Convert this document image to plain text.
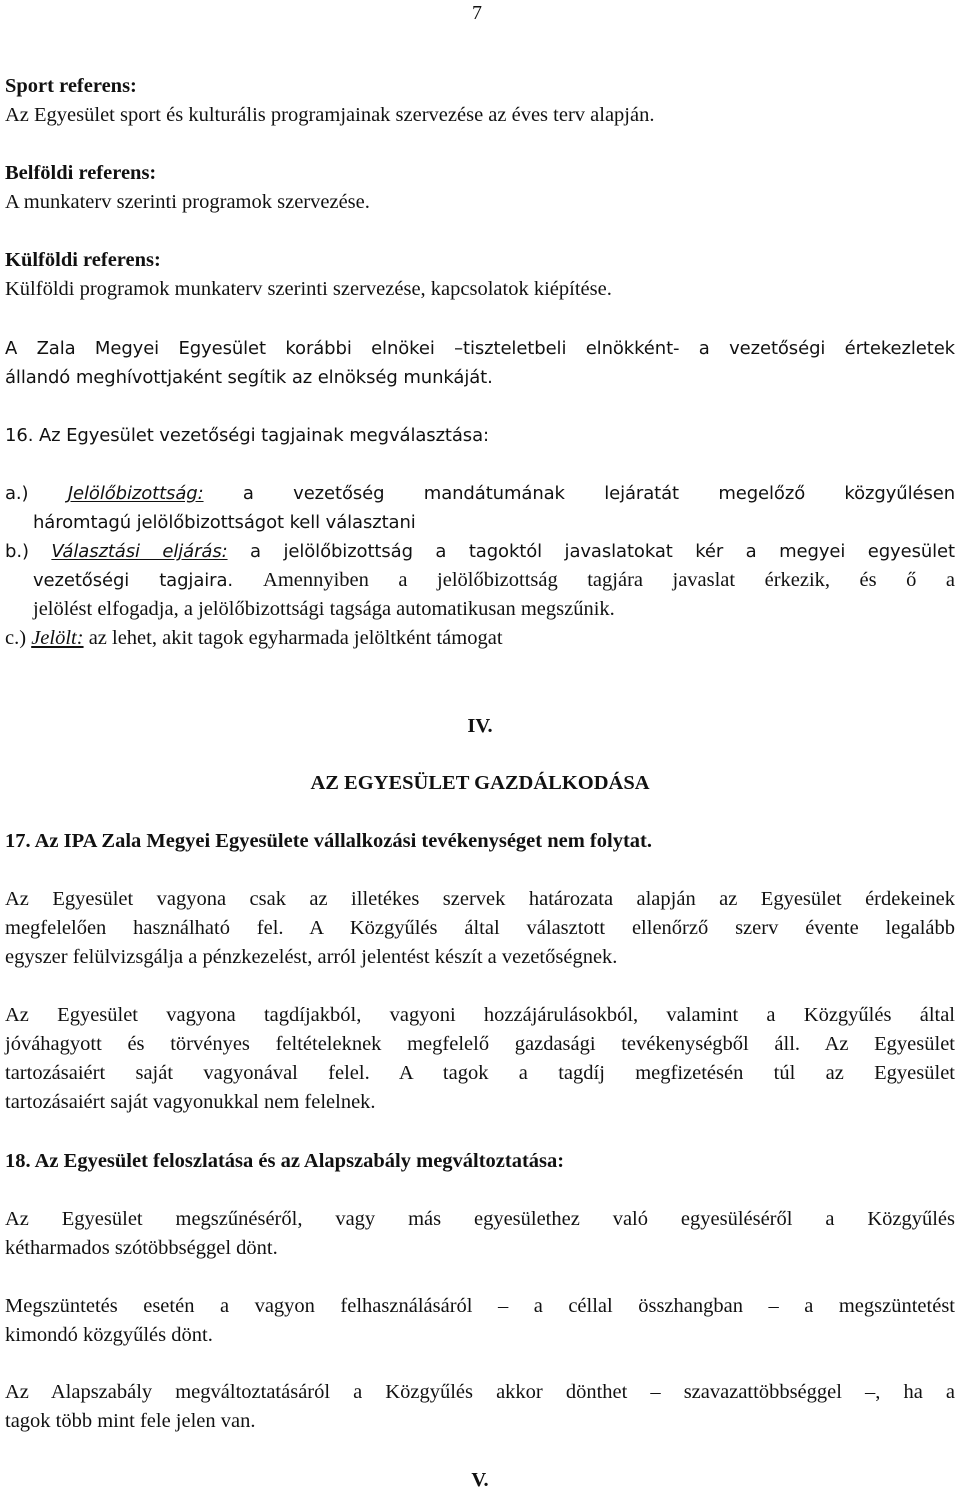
7
Sport referens:
Az Egyesület sport és kulturális programjainak szervezése az éves terv alapján.
Belföldi referens:
A munkaterv szerinti programok szervezése.
Külföldi referens:
Külföldi programok munkaterv szerinti szervezése, kapcsolatok kiépítése.
A Zala Megyei Egyesület korábbi elnökei –tiszteletbeli elnökként- a vezetőségi értekezletek
állandó meghívottjaként segítik az elnökség munkáját.
16. Az Egyesület vezetőségi tagjainak megválasztása:
a.) Jelölőbizottság: a vezetőség mandátumának lejáratát megelőző közgyűlésen
háromtagú jelölőbizottságot kell választani
b.) Választási eljárás: a jelölőbizottság a tagoktól javaslatokat kér a megyei egyesület
vezetőségi tagjaira. Amennyiben a jelölőbizottság tagjára javaslat érkezik, és ő a
jelölést elfogadja, a jelölőbizottsági tagsága automatikusan megszűnik.
c.) Jelölt: az lehet, akit tagok egyharmada jelöltként támogat
IV.
AZ EGYESÜLET GAZDÁLKODÁSA
17. Az IPA Zala Megyei Egyesülete vállalkozási tevékenységet nem folytat.
Az Egyesület vagyona csak az illetékes szervek határozata alapján az Egyesület érdekeinek
megfelelően használható fel. A Közgyűlés által választott ellenőrző szerv évente legalább
egyszer felülvizsgálja a pénzkezelést, arról jelentést készít a vezetőségnek.
Az Egyesület vagyona tagdíjakból, vagyoni hozzájárulásokból, valamint a Közgyűlés által
jóváhagyott és törvényes feltételeknek megfelelő gazdasági tevékenységből áll. Az Egyesület
tartozásaiért saját vagyonával felel. A tagok a tagdíj megfizetésén túl az Egyesület
tartozásaiért saját vagyonukkal nem felelnek.
18. Az Egyesület feloszlatása és az Alapszabály megváltoztatása:
Az Egyesület megszűnéséről, vagy más egyesülethez való egyesüléséről a Közgyűlés
kétharmados szótöbbséggel dönt.
Megszüntetés esetén a vagyon felhasználásáról – a céllal összhangban – a megszüntetést
kimondó közgyűlés dönt.
Az Alapszabály megváltoztatásáról a Közgyűlés akkor dönthet – szavazattöbbséggel –, ha a
tagok több mint fele jelen van.
V.
